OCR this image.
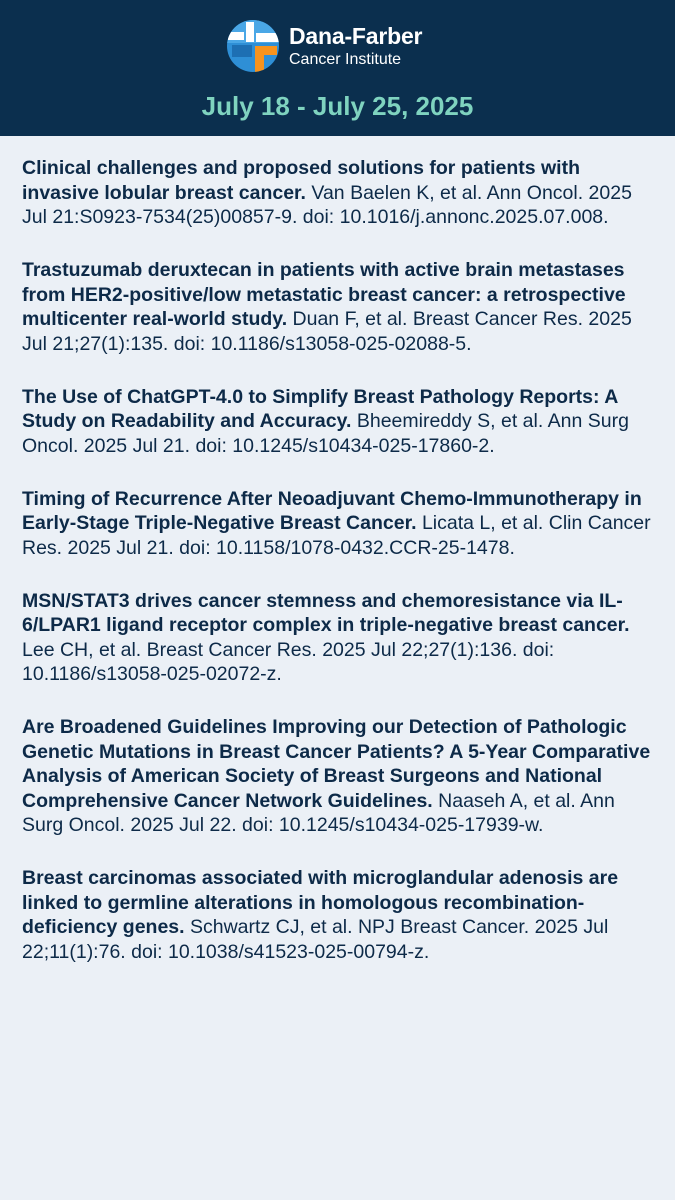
Dana-Farber
Cancer Institute
July 18 - July 25, 2025

Clinical challenges and proposed solutions for patients with invasive lobular breast cancer. Van Baelen K, et al. Ann Oncol. 2025 Jul 21:S0923-7534(25)00857-9. doi: 10.1016/j.annonc.2025.07.008.

Trastuzumab deruxtecan in patients with active brain metastases from HER2-positive/low metastatic breast cancer: a retrospective multicenter real-world study. Duan F, et al. Breast Cancer Res. 2025 Jul 21;27(1):135. doi: 10.1186/s13058-025-02088-5.

The Use of ChatGPT-4.0 to Simplify Breast Pathology Reports: A Study on Readability and Accuracy. Bheemireddy S, et al. Ann Surg Oncol. 2025 Jul 21. doi: 10.1245/s10434-025-17860-2.

Timing of Recurrence After Neoadjuvant Chemo-Immunotherapy in Early-Stage Triple-Negative Breast Cancer. Licata L, et al. Clin Cancer Res. 2025 Jul 21. doi: 10.1158/1078-0432.CCR-25-1478.

MSN/STAT3 drives cancer stemness and chemoresistance via IL-6/LPAR1 ligand receptor complex in triple-negative breast cancer. Lee CH, et al. Breast Cancer Res. 2025 Jul 22;27(1):136. doi: 10.1186/s13058-025-02072-z.

Are Broadened Guidelines Improving our Detection of Pathologic Genetic Mutations in Breast Cancer Patients? A 5-Year Comparative Analysis of American Society of Breast Surgeons and National Comprehensive Cancer Network Guidelines. Naaseh A, et al. Ann Surg Oncol. 2025 Jul 22. doi: 10.1245/s10434-025-17939-w.

Breast carcinomas associated with microglandular adenosis are linked to germline alterations in homologous recombination-deficiency genes. Schwartz CJ, et al. NPJ Breast Cancer. 2025 Jul 22;11(1):76. doi: 10.1038/s41523-025-00794-z.
